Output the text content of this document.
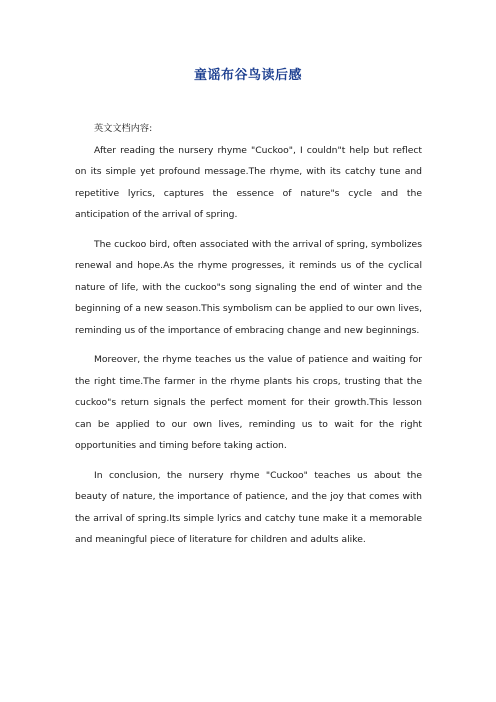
童谣布谷鸟读后感

英文文档内容:

After reading the nursery rhyme "Cuckoo", I couldn"t help but reflect on its simple yet profound message.The rhyme, with its catchy tune and repetitive lyrics, captures the essence of nature"s cycle and the anticipation of the arrival of spring.

The cuckoo bird, often associated with the arrival of spring, symbolizes renewal and hope.As the rhyme progresses, it reminds us of the cyclical nature of life, with the cuckoo"s song signaling the end of winter and the beginning of a new season.This symbolism can be applied to our own lives, reminding us of the importance of embracing change and new beginnings.

Moreover, the rhyme teaches us the value of patience and waiting for the right time.The farmer in the rhyme plants his crops, trusting that the cuckoo"s return signals the perfect moment for their growth.This lesson can be applied to our own lives, reminding us to wait for the right opportunities and timing before taking action.

In conclusion, the nursery rhyme "Cuckoo" teaches us about the beauty of nature, the importance of patience, and the joy that comes with the arrival of spring.Its simple lyrics and catchy tune make it a memorable and meaningful piece of literature for children and adults alike.
